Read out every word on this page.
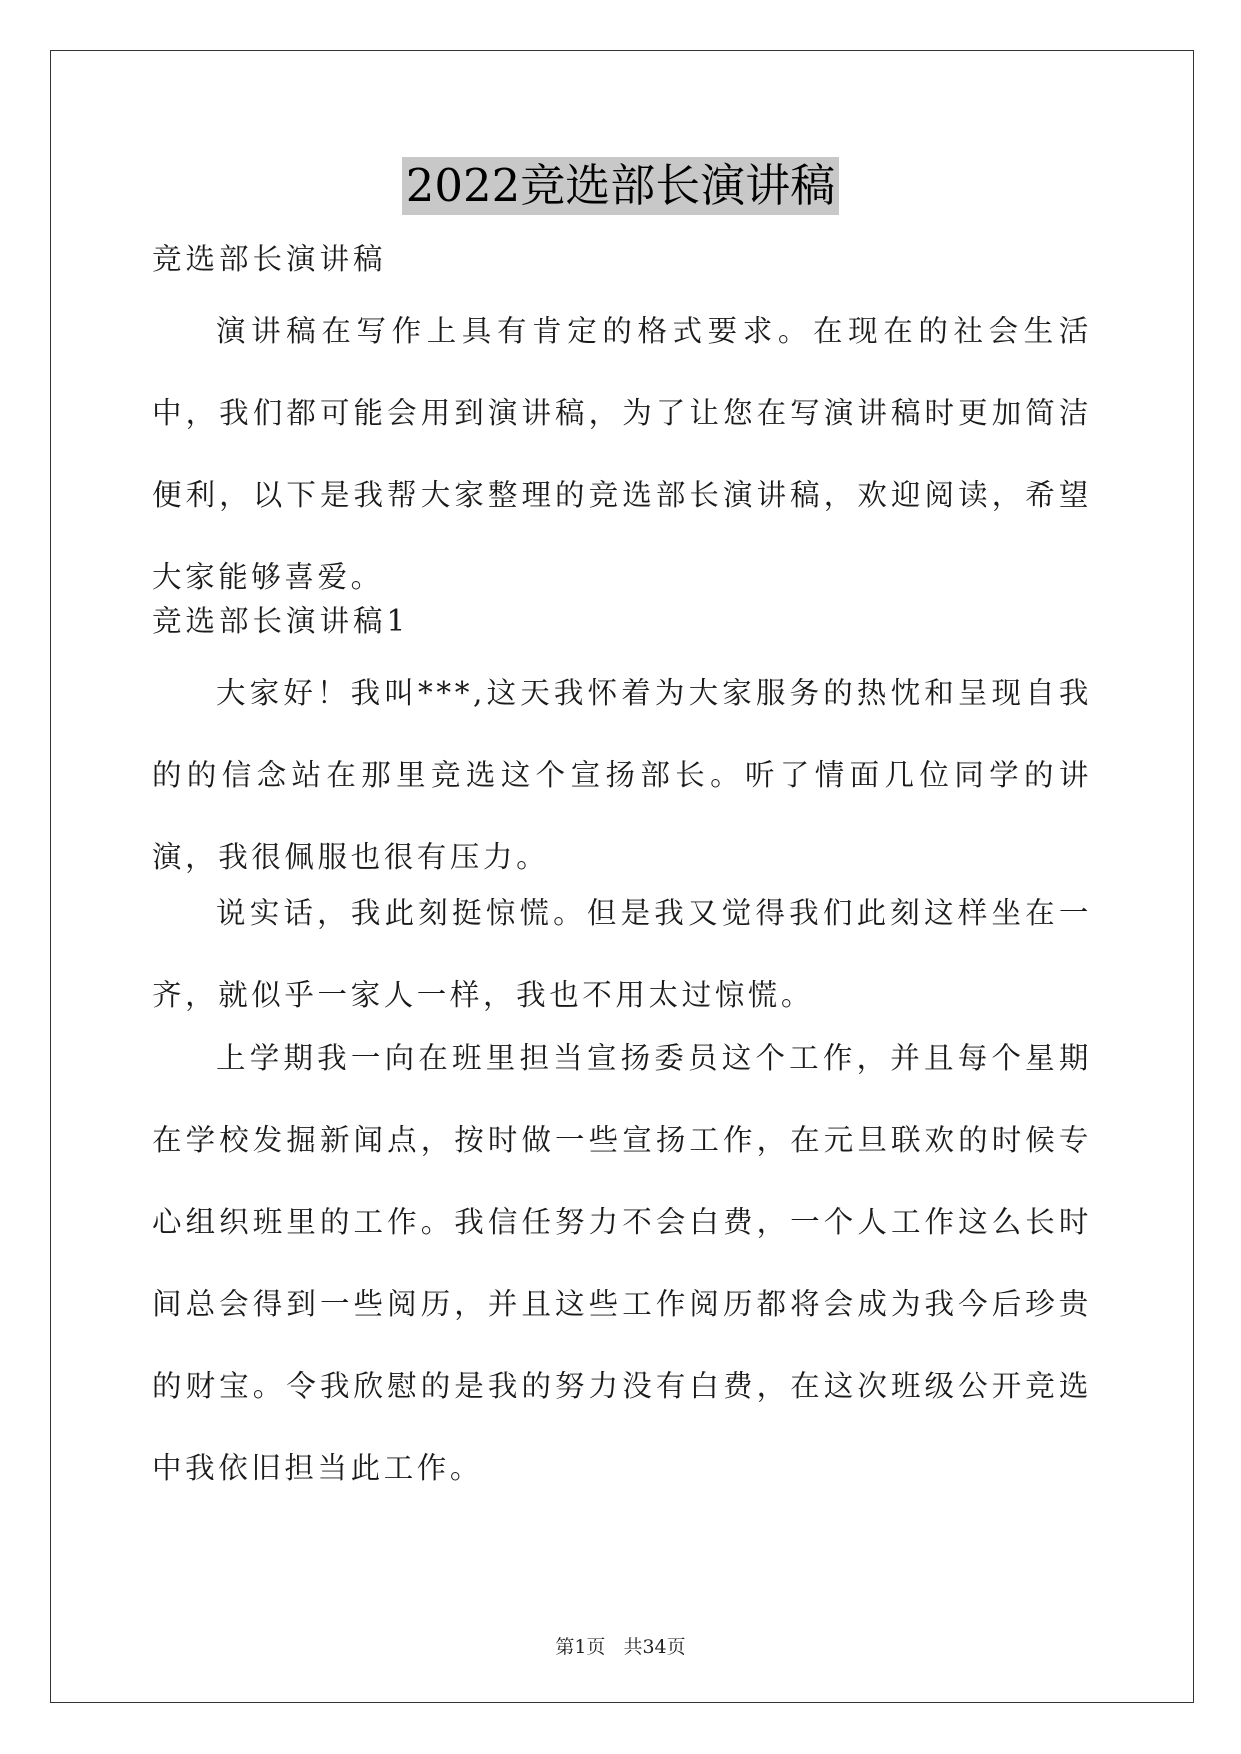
2022竞选部长演讲稿
竞选部长演讲稿
演讲稿在写作上具有肯定的格式要求。在现在的社会生活中，我们都可能会用到演讲稿，为了让您在写演讲稿时更加简洁便利，以下是我帮大家整理的竞选部长演讲稿，欢迎阅读，希望大家能够喜爱。
竞选部长演讲稿1
大家好！我叫***,这天我怀着为大家服务的热忱和呈现自我的的信念站在那里竞选这个宣扬部长。听了情面几位同学的讲演，我很佩服也很有压力。
说实话，我此刻挺惊慌。但是我又觉得我们此刻这样坐在一齐，就似乎一家人一样，我也不用太过惊慌。
上学期我一向在班里担当宣扬委员这个工作，并且每个星期在学校发掘新闻点，按时做一些宣扬工作，在元旦联欢的时候专心组织班里的工作。我信任努力不会白费，一个人工作这么长时间总会得到一些阅历，并且这些工作阅历都将会成为我今后珍贵的财宝。令我欣慰的是我的努力没有白费，在这次班级公开竞选中我依旧担当此工作。
第1页 共34页
